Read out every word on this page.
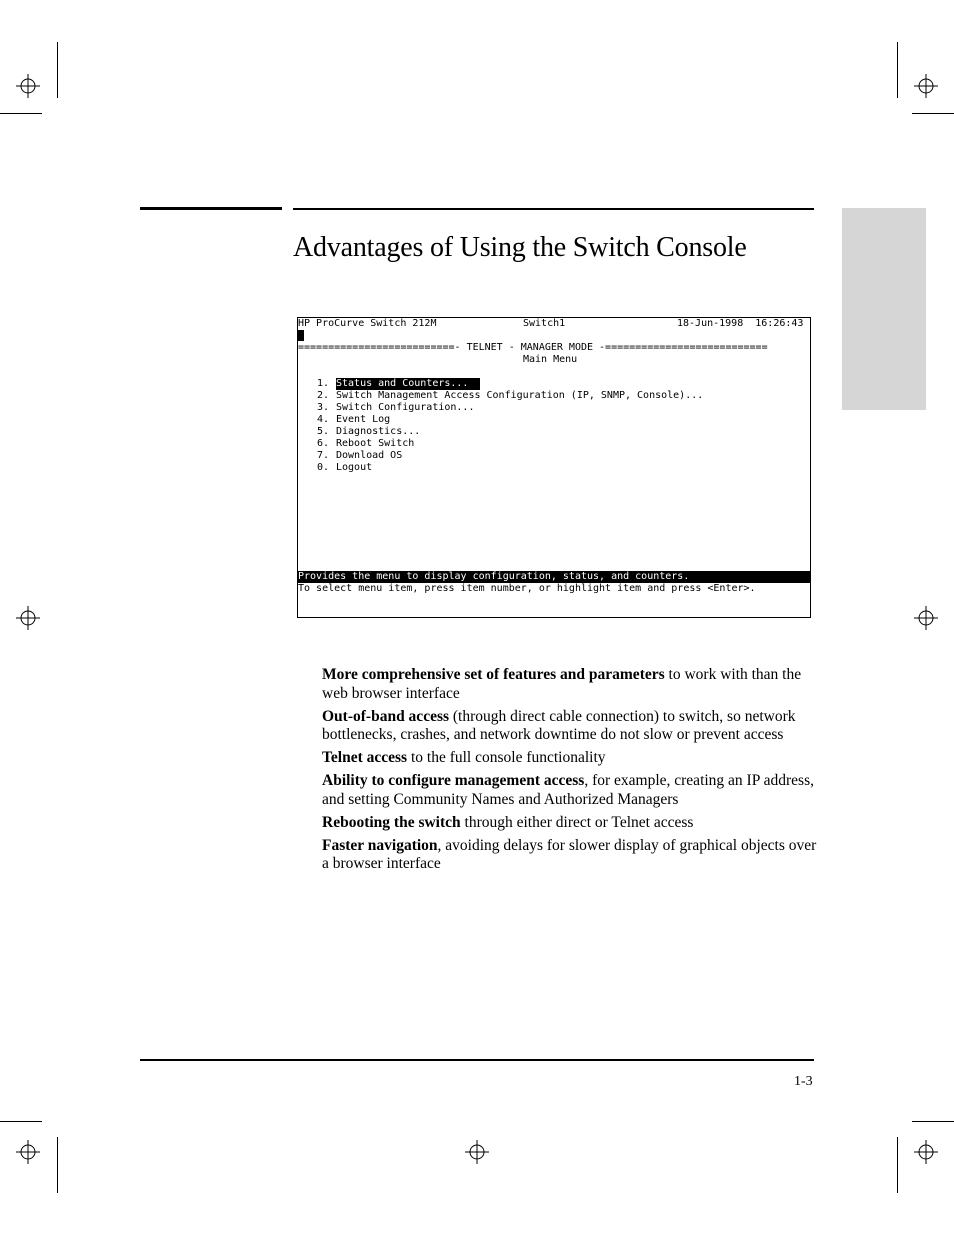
Advantages of Using the Switch Console
HP ProCurve Switch 212M	Switch1	18-Jun-1998  16:26:43
==========================- TELNET - MANAGER MODE -===========================
Main Menu
1. Status and Counters...
2. Switch Management Access Configuration (IP, SNMP, Console)...
3. Switch Configuration...
4. Event Log
5. Diagnostics...
6. Reboot Switch
7. Download OS
0. Logout
Provides the menu to display configuration, status, and counters.
To select menu item, press item number, or highlight item and press <Enter>.
More comprehensive set of features and parameters to work with than the web browser interface
Out-of-band access (through direct cable connection) to switch, so network bottlenecks, crashes, and network downtime do not slow or prevent access
Telnet access to the full console functionality
Ability to configure management access, for example, creating an IP address, and setting Community Names and Authorized Managers
Rebooting the switch through either direct or Telnet access
Faster navigation, avoiding delays for slower display of graphical objects over a browser interface
1-3
